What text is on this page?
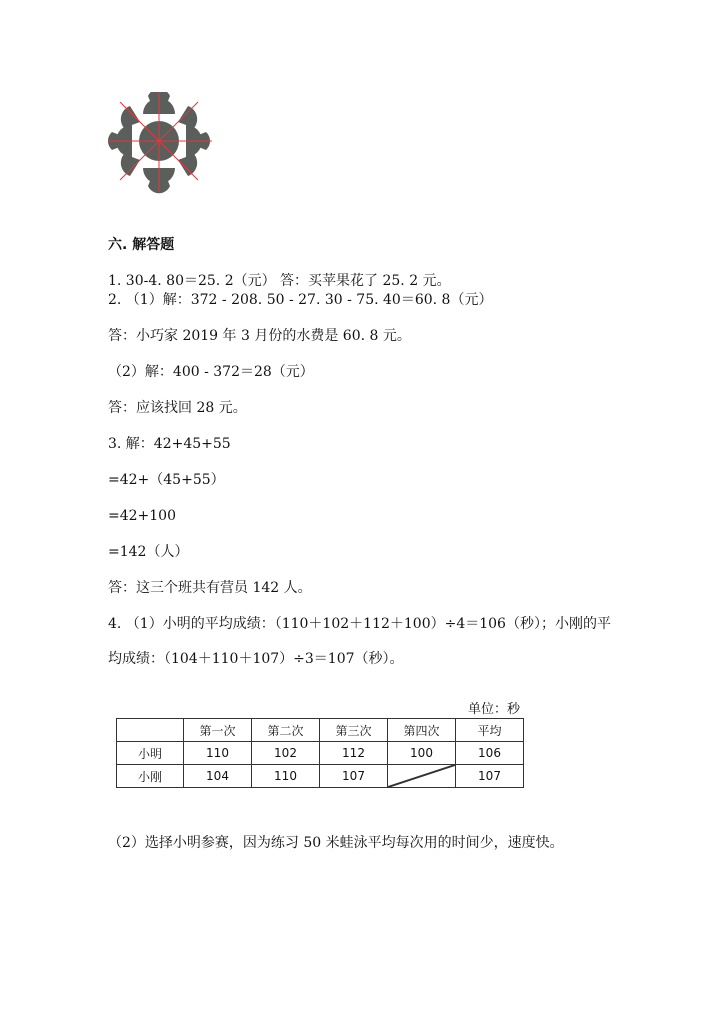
六. 解答题
1. 30-4. 80＝25. 2（元） 答：买苹果花了 25. 2 元。
2. （1）解：372 - 208. 50 - 27. 30 - 75. 40＝60. 8（元）
答：小巧家 2019 年 3 月份的水费是 60. 8 元。
（2）解：400 - 372＝28（元）
答：应该找回 28 元。
3. 解：42+45+55
=42+（45+55）
=42+100
=142（人）
答：这三个班共有营员 142 人。
4. （1）小明的平均成绩：（110＋102＋112＋100）÷4＝106（秒）；小刚的平
均成绩：（104＋110＋107）÷3＝107（秒）。
单位：秒
	第一次	第二次	第三次	第四次	平均
小明	110	102	112	100	106
小刚	104	110	107		107
（2）选择小明参赛，因为练习 50 米蛙泳平均每次用的时间少，速度快。
